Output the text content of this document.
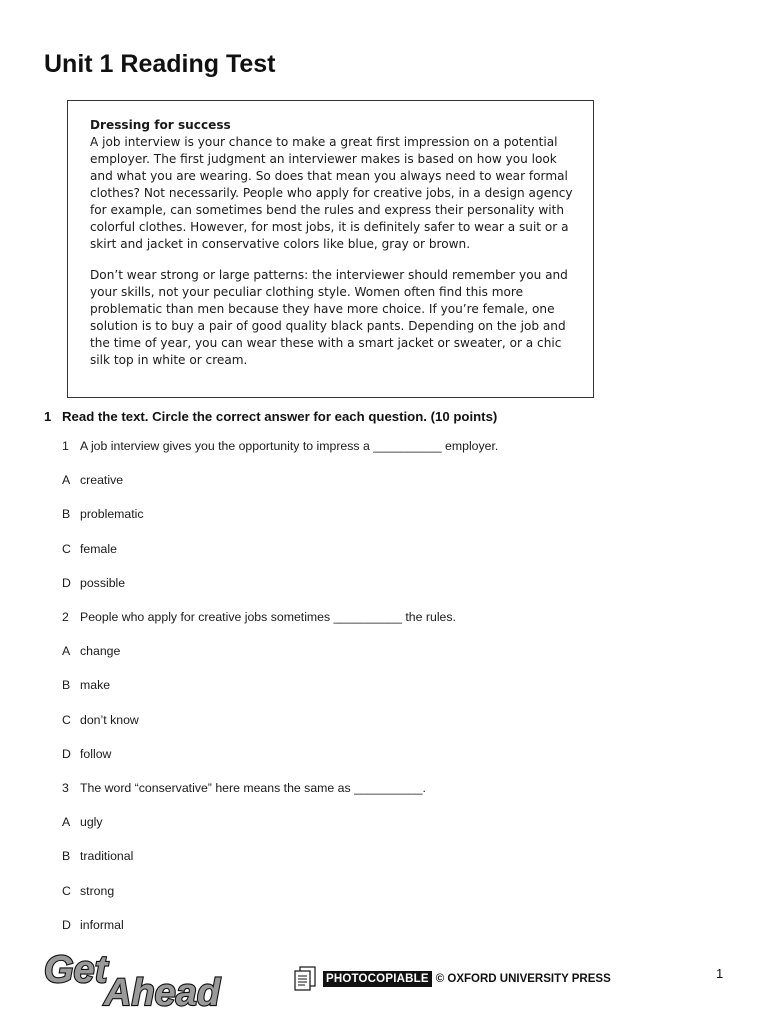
Unit 1 Reading Test

Dressing for success
A job interview is your chance to make a great first impression on a potential employer. The first judgment an interviewer makes is based on how you look and what you are wearing. So does that mean you always need to wear formal clothes? Not necessarily. People who apply for creative jobs, in a design agency for example, can sometimes bend the rules and express their personality with colorful clothes. However, for most jobs, it is definitely safer to wear a suit or a skirt and jacket in conservative colors like blue, gray or brown.

Don’t wear strong or large patterns: the interviewer should remember you and your skills, not your peculiar clothing style. Women often find this more problematic than men because they have more choice. If you’re female, one solution is to buy a pair of good quality black pants. Depending on the job and the time of year, you can wear these with a smart jacket or sweater, or a chic silk top in white or cream.

1 Read the text. Circle the correct answer for each question. (10 points)
1 A job interview gives you the opportunity to impress a __________ employer.
A creative
B problematic
C female
D possible
2 People who apply for creative jobs sometimes __________ the rules.
A change
B make
C don’t know
D follow
3 The word “conservative” here means the same as __________.
A ugly
B traditional
C strong
D informal
Get
Ahead	PHOTOCOPIABLE © OXFORD UNIVERSITY PRESS	1
